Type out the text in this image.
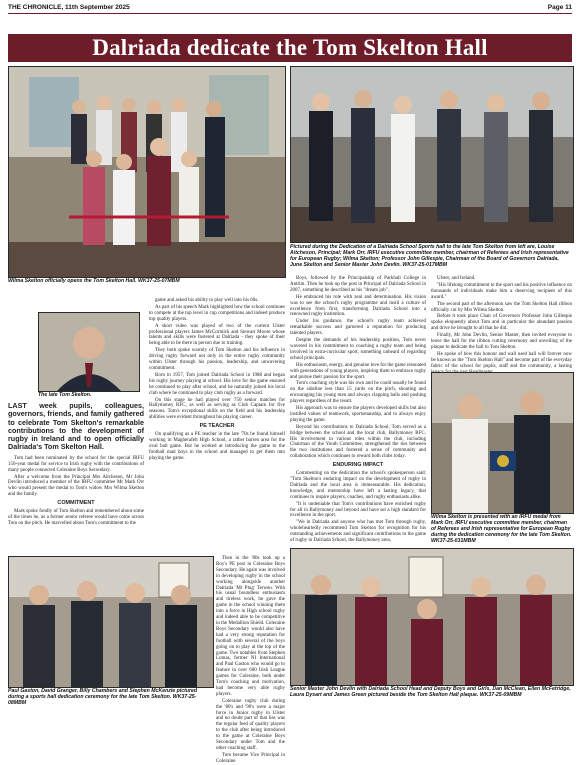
THE CHRONICLE, 11th September 2025	Page 11
Dalriada dedicate the Tom Skelton Hall
Wilma Skelton officially opens the Tom Skelton Hall. WK37-25-07MBM
Pictured during the Dedication of a Dalriada School Sports hall to the late Tom Skelton from left are, Louise Aitcheson, Principal; Mark Orr, IRFU executive committee member, chairman of Referees and Irish representative for European Rugby; Wilma Skelton; Professor John Gillespie, Chairman of the Board of Governors Dalriada, June Skelton and Senior Master John Devlin. WK37-25-017MBM
The late Tom Skelton.
LAST week pupils, colleagues, governors, friends, and family gathered to celebrate Tom Skelton's remarkable contributions to the development of rugby in Ireland and to open officially Dalriada's Tom Skelton Hall.

Tom had been nominated by the school for the special IRFU 150-year medal for service to Irish rugby with the contributions of many people connected Coleraine Boys Secondary.

After a welcome from the Principal Mrs Aitcheson, Mr John Devlin introduced a member of the IRFU committee Mr Mark Orr who would present the medal to Tom's widow Mrs Wilma Skelton and the family.

COMMITMENT

Mark spoke fondly of Tom Skelton and remembered about some of the times he, as a former senior referee would have come across Tom on the pitch. He marvelled about Tom's commitment to the

game and asked his ability to play well into his 60s.

As part of his speech Mark highlighted how the school continues to compete at the top level in cup competitions and indeed produce top quality players.

A short video was played of two of the current Ulster professional players James McCormick and Stewart Moore whose talents and skills were fostered at Dalriada - they spoke of their being able to be there in person due to training.

They both spoke warmly of Tom Skelton and his influence in driving rugby forward not only in the entire rugby community within Ulster through his passion, leadership, and unwavering commitment.

Born in 1957, Tom joined Dalriada School in 1988 and began his rugby journey playing at school. His love for the game ensured he continued to play after school, and he naturally joined his local club where he continued to play club rugby as a forward.

On this stage he had played over 750 senior matches for Ballymoney RFC, as well as serving as Club Captain for five seasons. Tom's exceptional skills on the field and his leadership abilities were evident throughout his playing career.

PE TEACHER

On qualifying as a PE teacher in the late '70s he found himself working in Magherafelt High School, a rather barren area for the oval ball game. But he worked at introducing the game to the football mad boys in the school and managed to get them into playing the game.

Then in the '80s took up a Boy's PE post in Coleraine Boys Secondary. He again was involved in developing rugby in the school working alongside another Dalriada 'Mr Plug' Terwen. With his usual boundless enthusiasm and tireless work, he gave the game in the school winning them into a force in High school rugby and indeed able to be competitive in the Medallion Shield. Coleraine Boys Secondary would also have had a very strong reputation for football with several of the boys going on to play at the top of the game. Two notables from Stephen Lomas, former NI International and Paul Gaston who would go to feature in over 600 Irish League games for Coleraine, both under Tom's coaching and motivation, had become very able rugby players.

Coleraine rugby club during the '80's and '90's were a major force in Junior rugby in Ulster and no doubt part of that lies was the regular feed of quality players to the club after being introduced to the game at Coleraine Boys Secondary under Tom and the other coaching staff.

Tom became Vice Principal in Coleraine

Boys, followed by the Principalship of Parkhall College in Antrim. Then he took up the post in Principal of Dalriada School in 2007, something he described as his "dream job".

He embraced his role with zeal and determination. His vision was to see the school's rugby programme and instil a culture of excellence from first, transforming Dalriada School into a renowned rugby institution.

Under his guidance, the school's rugby team achieved remarkable success and garnered a reputation for producing talented players.

Despite the demands of his leadership position, Tom never wavered in his commitment to coaching a rugby team and being involved in extra-curricular sport, something unheard of regarding school principals.

His enthusiasm, energy, and genuine love for the game resonated with generations of young players, inspiring them to embrace rugby and pursue their passion for the sport.

Tom's coaching style was his own and he could usually be found on the sideline less than 15 yards on the pitch, shouting and encouraging his young men and always clapping balls and pushing players regardless of the result.

His approach was to ensure the players developed skills but also instilled values of teamwork, sportsmanship, and to always enjoy playing the game.

Beyond his contributions to Dalriada School, Tom served as a bridge between the school and the local club, Ballymoney RFC. His involvement in various roles within the club, including Chairman of the Youth Committee, strengthened the ties between the two institutions and fostered a sense of community and collaboration which continues to reward both clubs today.

ENDURING IMPACT

Commenting on the dedication the school's spokesperson said: "Tom Skelton's enduring impact on the development of rugby in Dalriada and the local area is immeasurable. His dedication, knowledge, and mentorship have left a lasting legacy, that continues to inspire players, coaches, and rugby enthusiasts alike.

"It is undeniable that Tom's contributions have enriched rugby for all in Ballymoney and beyond and have set a high standard for excellence in the sport.

"We in Dalriada and anyone who has met Tom through rugby, wholeheartedly recommend Tom Skelton for recognition for his outstanding achievements and significant contributions to the game of rugby in Dalriada School, the Ballymoney area,

Ulster, and Ireland.

"His lifelong commitment to the sport and his positive influence on thousands of individuals make him a deserving recipient of this award."

The second part of the afternoon saw the Tom Skelton Hall ribbon officially cut by Mrs Wilma Skelton.

Before it took place Chair of Governors Professor John Gillespie spoke eloquently about Tom and in particular the abundant passion and drive he brought to all that he did.

Finally, Mr John Devlin, Senior Master, then invited everyone to leave the hall for the ribbon cutting ceremony and unveiling of the plaque to dedicate the hall to Tom Skelton.

He spoke of how this honour and wall used hall will forever now be known as the "Tom Skelton Hall" and become part of the everyday fabric of the school for pupils, staff and the community, a lasting

Wilma Skelton is presented with an IRFU medal from Mark Orr, IRFU executive committee member, chairman of Referees and Irish representative for European Rugby during the dedication ceremony for the late Tom Skelton. WK37-25-031MBM
Paul Gaston, David Granger, Billy Chambers and Stephen McKenzie pictured during a sports hall dedication ceremony for the late Tom Skelton. WK37-25-08MBM
Senior Master John Devlin with Dalriada School Head and Deputy Boys and Girls, Dan McClean, Ellen McFetridge, Laura Dysart and James Green pictured beside the Tom Skelton Hall plaque. WK37-25-09MBM
